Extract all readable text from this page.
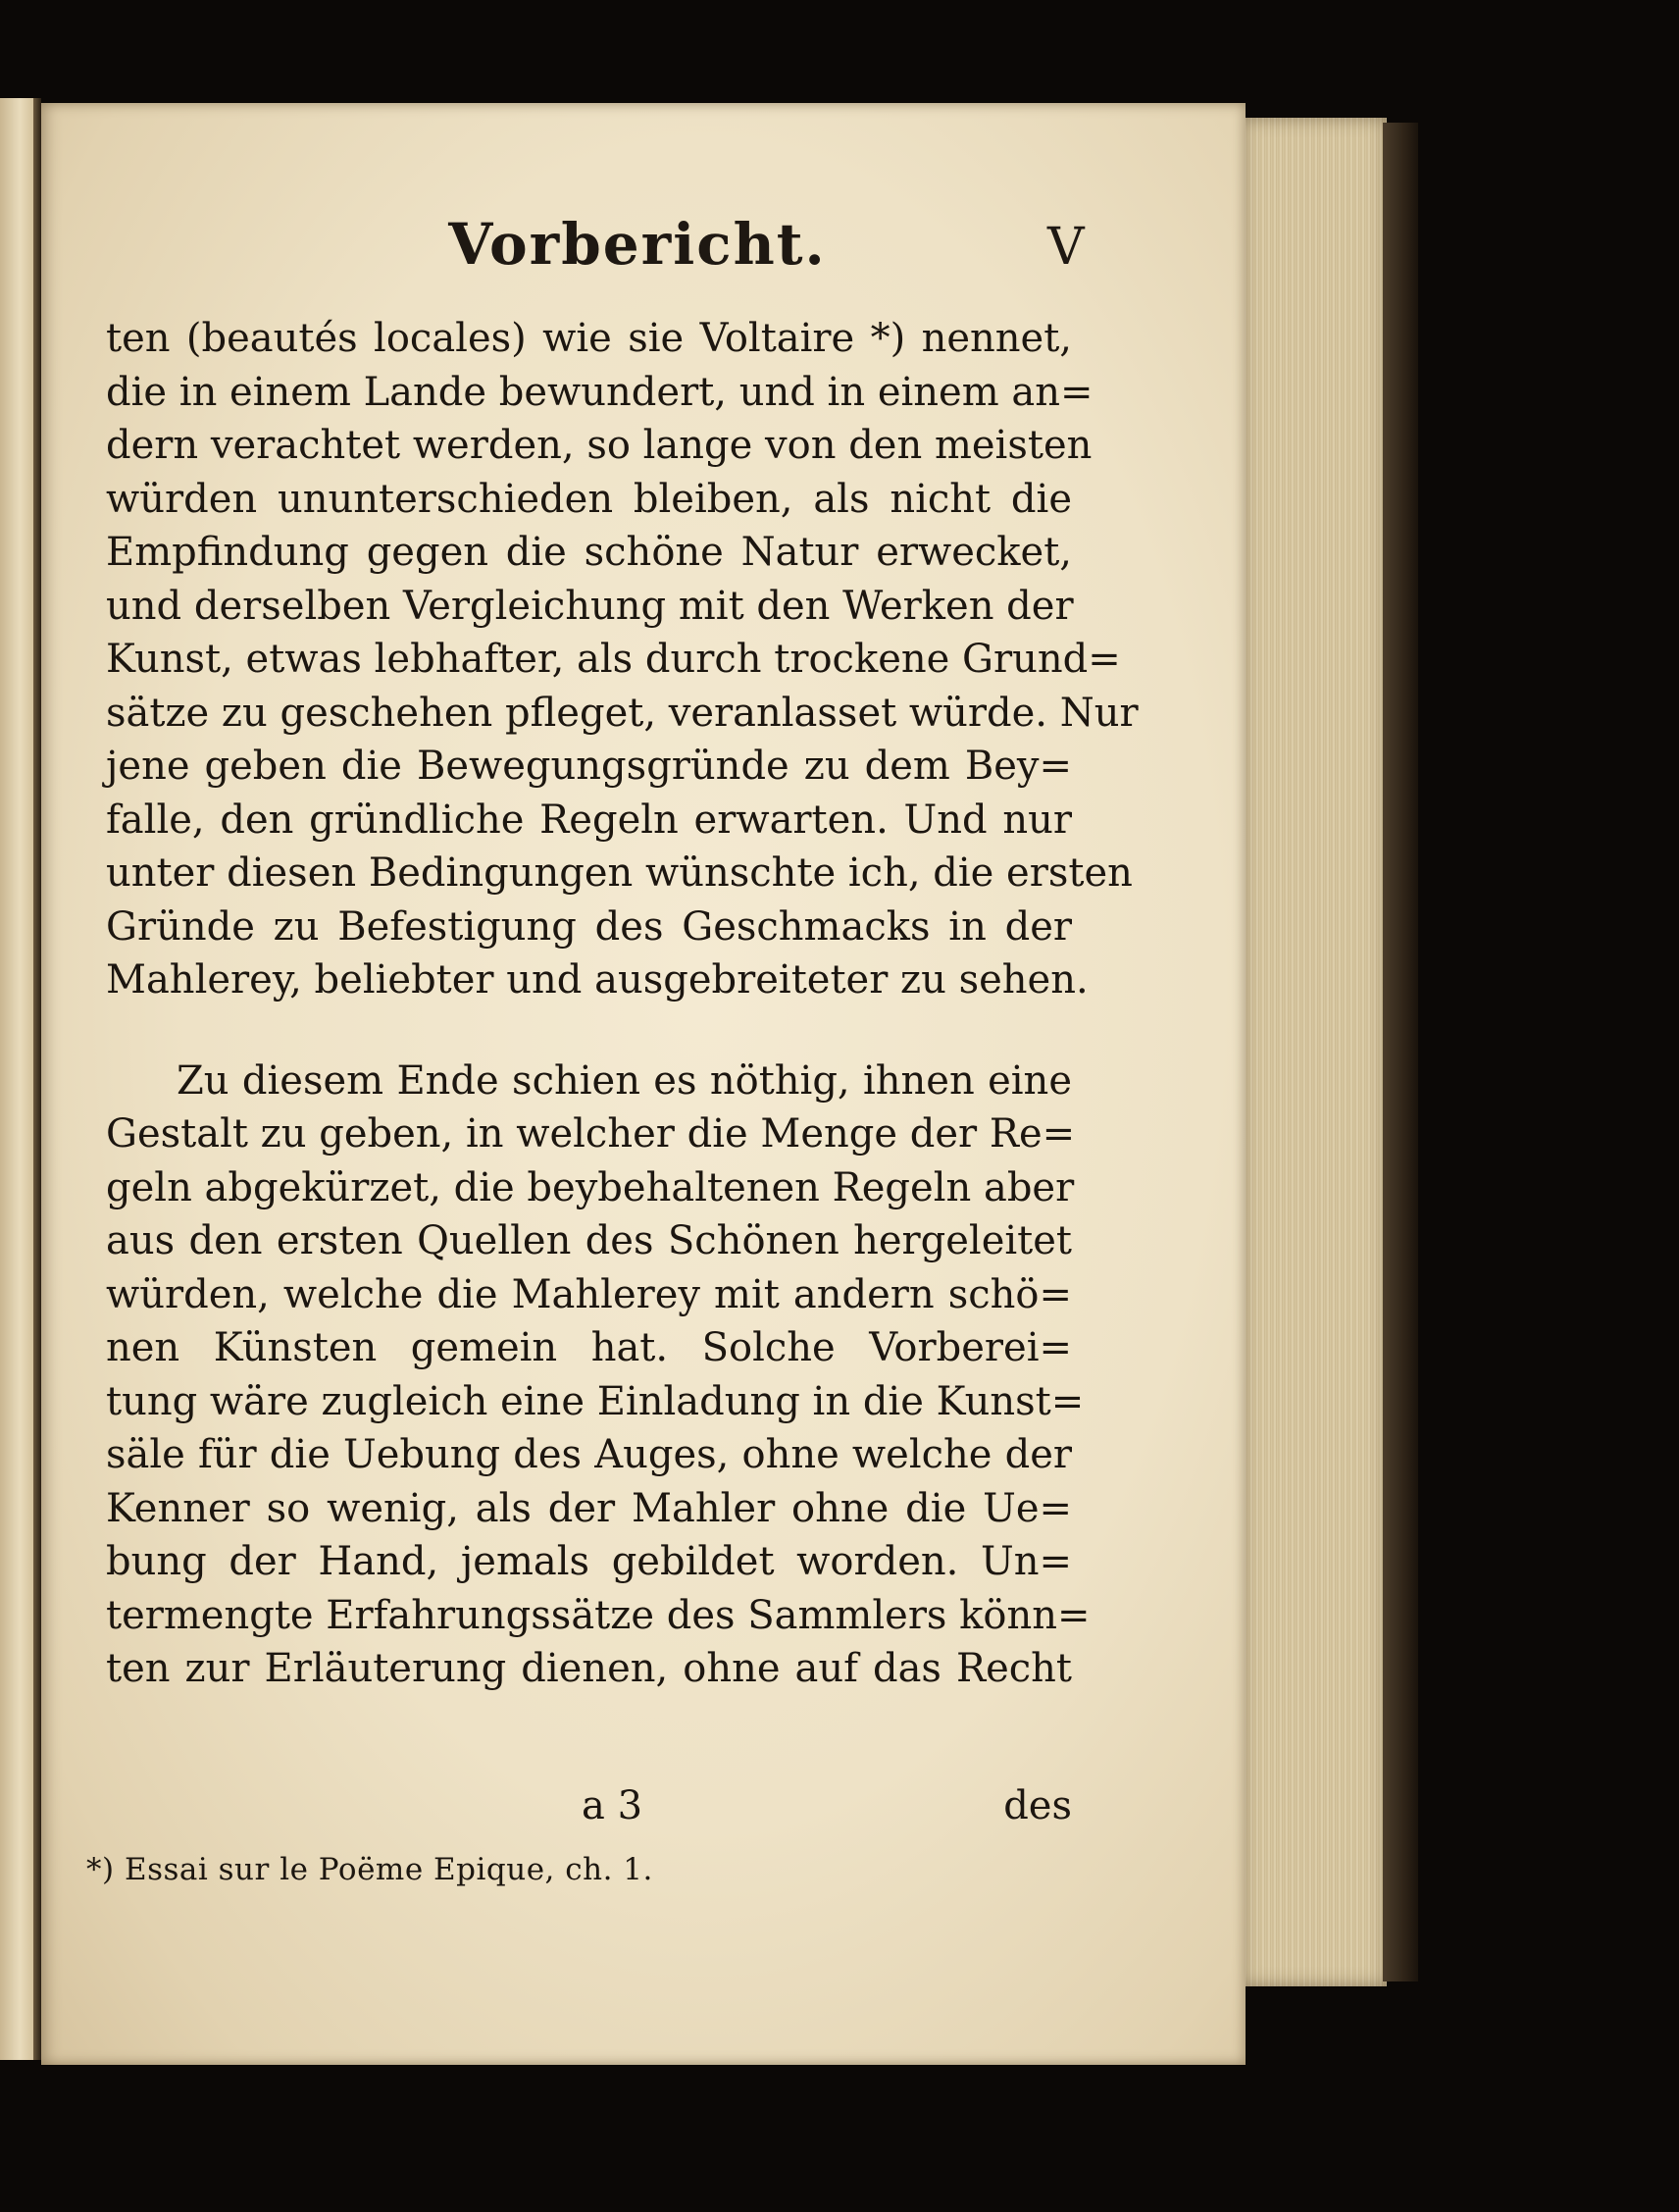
Vorbericht.	V
ten (beautés locales) wie sie Voltaire *) nennet,
die in einem Lande bewundert, und in einem an=
dern verachtet werden, so lange von den meisten
würden ununterschieden bleiben, als nicht die
Empfindung gegen die schöne Natur erwecket,
und derselben Vergleichung mit den Werken der
Kunst, etwas lebhafter, als durch trockene Grund=
sätze zu geschehen pfleget, veranlasset würde. Nur
jene geben die Bewegungsgründe zu dem Bey=
falle, den gründliche Regeln erwarten. Und nur
unter diesen Bedingungen wünschte ich, die ersten
Gründe zu Befestigung des Geschmacks in der
Mahlerey, beliebter und ausgebreiteter zu sehen.
Zu diesem Ende schien es nöthig, ihnen eine
Gestalt zu geben, in welcher die Menge der Re=
geln abgekürzet, die beybehaltenen Regeln aber
aus den ersten Quellen des Schönen hergeleitet
würden, welche die Mahlerey mit andern schö=
nen Künsten gemein hat. Solche Vorberei=
tung wäre zugleich eine Einladung in die Kunst=
säle für die Uebung des Auges, ohne welche der
Kenner so wenig, als der Mahler ohne die Ue=
bung der Hand, jemals gebildet worden. Un=
termengte Erfahrungssätze des Sammlers könn=
ten zur Erläuterung dienen, ohne auf das Recht
a 3	des
*) Essai sur le Poëme Epique, ch. 1.
